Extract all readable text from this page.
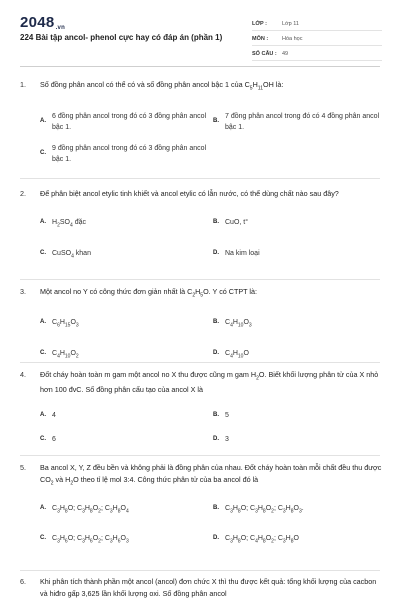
2048.vn
224 Bài tập ancol- phenol cực hay có đáp án (phần 1)
LỚP :	Lớp 11
MÔN :	Hóa học
SỐ CÂU : 49
1.	Số đồng phân ancol có thể có và số đồng phân ancol bậc 1 của $C_5H_{11}OH$ là:
A.
6 đồng phân ancol trong đó có 3 đồng phân ancol bậc 1.
B.
7 đồng phân ancol trong đó có 4 đồng phân ancol bậc 1.
C.
9 đồng phân ancol trong đó có 3 đồng phân ancol bậc 1.
2.	Để phân biệt ancol etylic tinh khiết và ancol etylic có lẫn nước, có thể dùng chất nào sau đây?
A. $H_2SO_4$ đặc	B. CuO, t°
C. CuSO$_4$ khan	D. Na kim loại
3.	Một ancol no Y có công thức đơn giản nhất là $C_2H_5O$. Y có CTPT là:
A. $C_6H_{15}O_3$
B. $C_4H_{10}O_3$
C. $C_4H_{10}O_2$
D. $C_4H_{10}O$
4.	Đốt cháy hoàn toàn m gam một ancol no X thu được cũng m gam $H_2O$. Biết khối lượng phân tử của X nhỏ hơn 100 đvC. Số đồng phân cấu tạo của ancol X là
A. 4	B. 5
C. 6	D. 3
5.	Ba ancol X, Y, Z đều bền và không phải là đồng phân của nhau. Đốt cháy hoàn toàn mỗi chất đều thu được $CO_2$ và $H_2O$ theo tỉ lệ mol 3:4. Công thức phân tử của ba ancol đó là
A. $C_3H_8O$; $C_3H_8O_2$; $C_3H_8O_4$
B. $C_3H_8O$; $C_3H_8O_2$; $C_3H_8O_3$.
C. $C_3H_6O$; $C_3H_6O_2$; $C_3H_6O_3$
D. $C_3H_8O$; $C_4H_8O_2$; $C_3H_8O$
6.	Khi phân tích thành phần một ancol (ancol) đơn chức X thì thu được kết quả: tổng khối lượng của cacbon và hiđro gấp 3,625 lần khối lượng oxi. Số đồng phân ancol
